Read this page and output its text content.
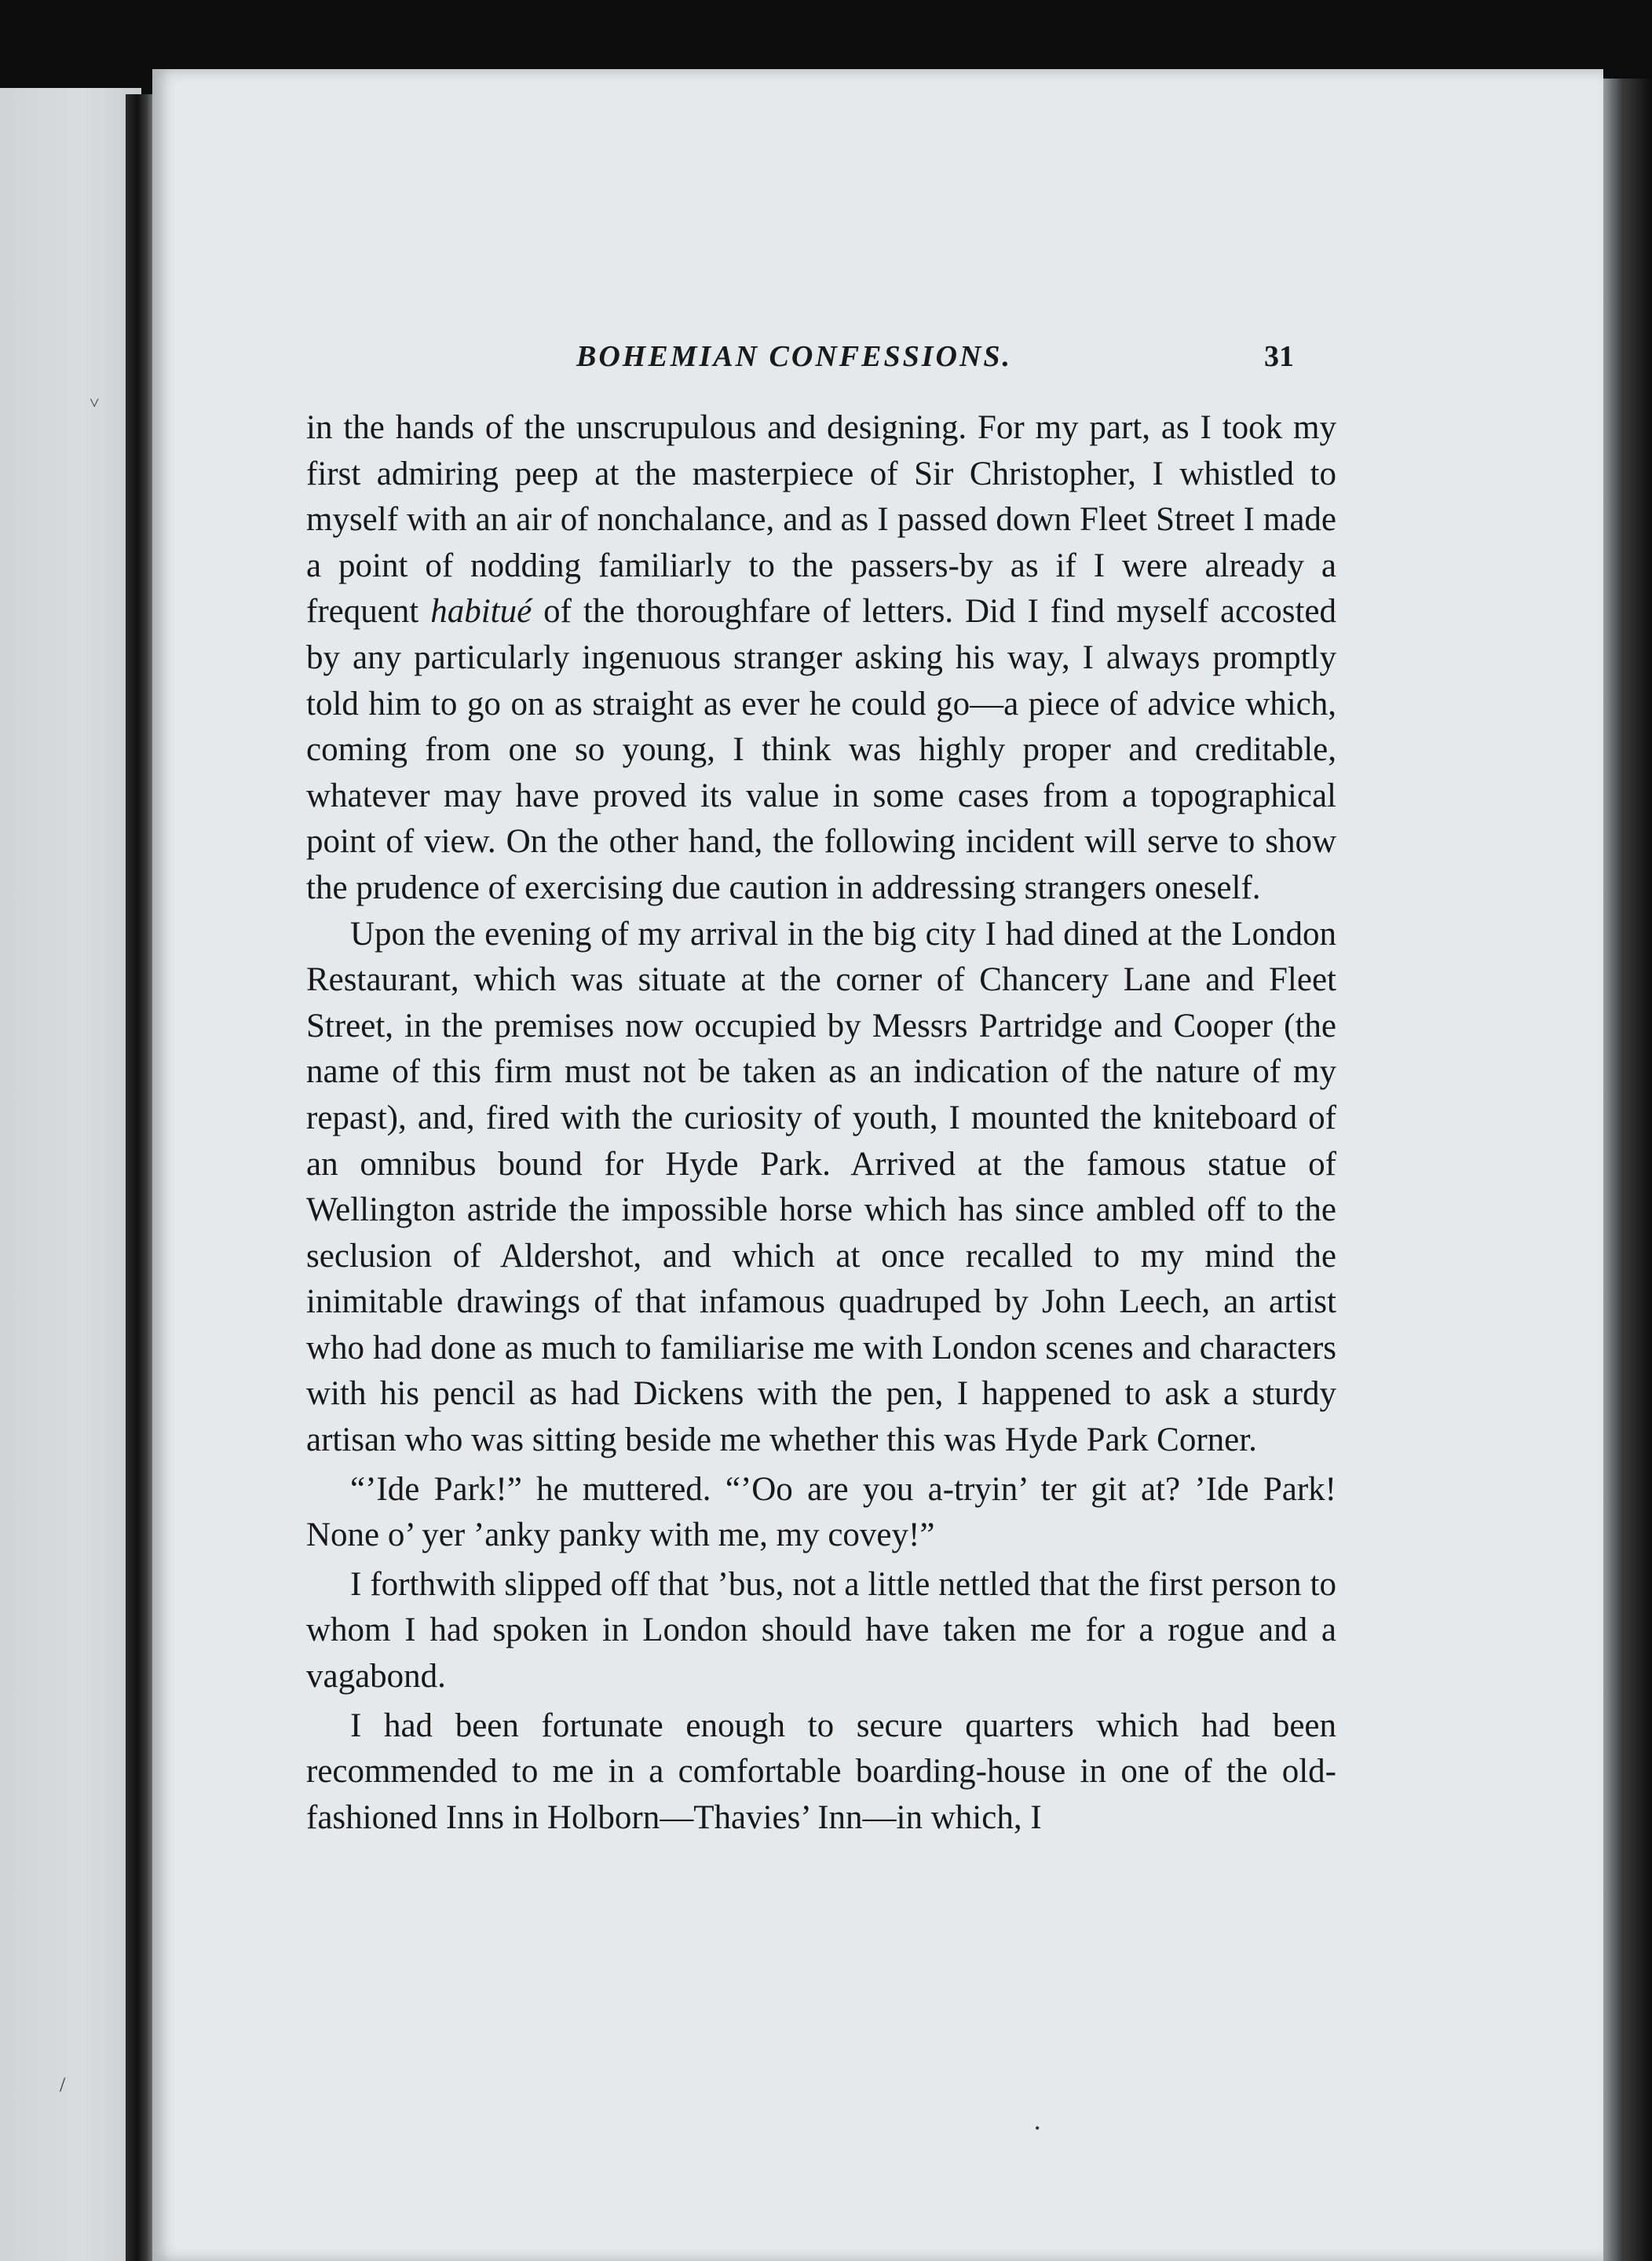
BOHEMIAN CONFESSIONS.	31

in the hands of the unscrupulous and designing. For my part, as I took my first admiring peep at the masterpiece of Sir Christopher, I whistled to myself with an air of nonchalance, and as I passed down Fleet Street I made a point of nodding familiarly to the passers-by as if I were already a frequent habitué of the thoroughfare of letters. Did I find myself accosted by any particularly ingenuous stranger asking his way, I always promptly told him to go on as straight as ever he could go—a piece of advice which, coming from one so young, I think was highly proper and creditable, whatever may have proved its value in some cases from a topographical point of view. On the other hand, the following incident will serve to show the prudence of exercising due caution in addressing strangers oneself.

Upon the evening of my arrival in the big city I had dined at the London Restaurant, which was situate at the corner of Chancery Lane and Fleet Street, in the premises now occupied by Messrs Partridge and Cooper (the name of this firm must not be taken as an indication of the nature of my repast), and, fired with the curiosity of youth, I mounted the kniteboard of an omnibus bound for Hyde Park. Arrived at the famous statue of Wellington astride the impossible horse which has since ambled off to the seclusion of Aldershot, and which at once recalled to my mind the inimitable drawings of that infamous quadruped by John Leech, an artist who had done as much to familiarise me with London scenes and characters with his pencil as had Dickens with the pen, I happened to ask a sturdy artisan who was sitting beside me whether this was Hyde Park Corner.

“’Ide Park!” he muttered. “’Oo are you a-tryin’ ter git at? ’Ide Park! None o’ yer ’anky panky with me, my covey!”

I forthwith slipped off that ’bus, not a little nettled that the first person to whom I had spoken in London should have taken me for a rogue and a vagabond.

I had been fortunate enough to secure quarters which had been recommended to me in a comfortable boarding-house in one of the old-fashioned Inns in Holborn—Thavies’ Inn—in which, I

˅
/
•
